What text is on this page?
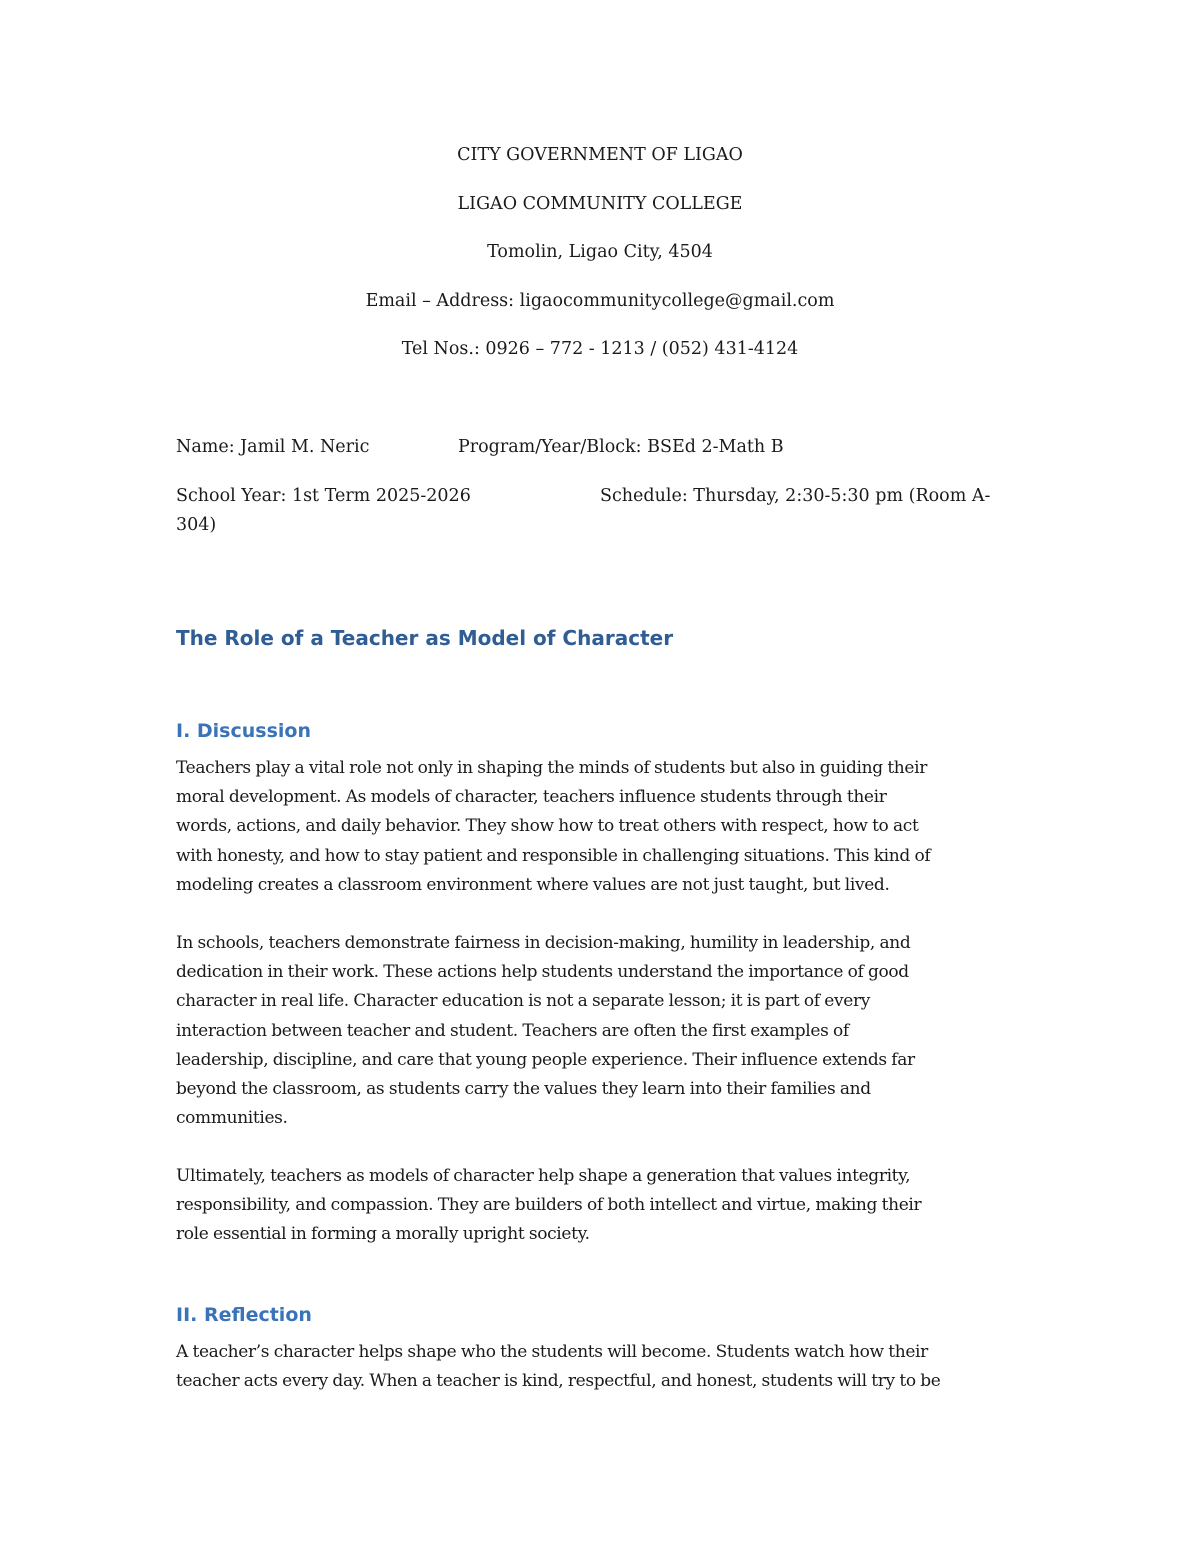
CITY GOVERNMENT OF LIGAO
LIGAO COMMUNITY COLLEGE
Tomolin, Ligao City, 4504
Email – Address: ligaocommunitycollege@gmail.com
Tel Nos.: 0926 – 772 - 1213 / (052) 431-4124
Name: Jamil M. Neric	Program/Year/Block: BSEd 2-Math B
School Year: 1st Term 2025-2026	Schedule: Thursday, 2:30-5:30 pm (Room A-
304)
The Role of a Teacher as Model of Character
I. Discussion
Teachers play a vital role not only in shaping the minds of students but also in guiding their
moral development. As models of character, teachers influence students through their
words, actions, and daily behavior. They show how to treat others with respect, how to act
with honesty, and how to stay patient and responsible in challenging situations. This kind of
modeling creates a classroom environment where values are not just taught, but lived.
In schools, teachers demonstrate fairness in decision-making, humility in leadership, and
dedication in their work. These actions help students understand the importance of good
character in real life. Character education is not a separate lesson; it is part of every
interaction between teacher and student. Teachers are often the first examples of
leadership, discipline, and care that young people experience. Their influence extends far
beyond the classroom, as students carry the values they learn into their families and
communities.
Ultimately, teachers as models of character help shape a generation that values integrity,
responsibility, and compassion. They are builders of both intellect and virtue, making their
role essential in forming a morally upright society.
II. Reflection
A teacher’s character helps shape who the students will become. Students watch how their
teacher acts every day. When a teacher is kind, respectful, and honest, students will try to be
